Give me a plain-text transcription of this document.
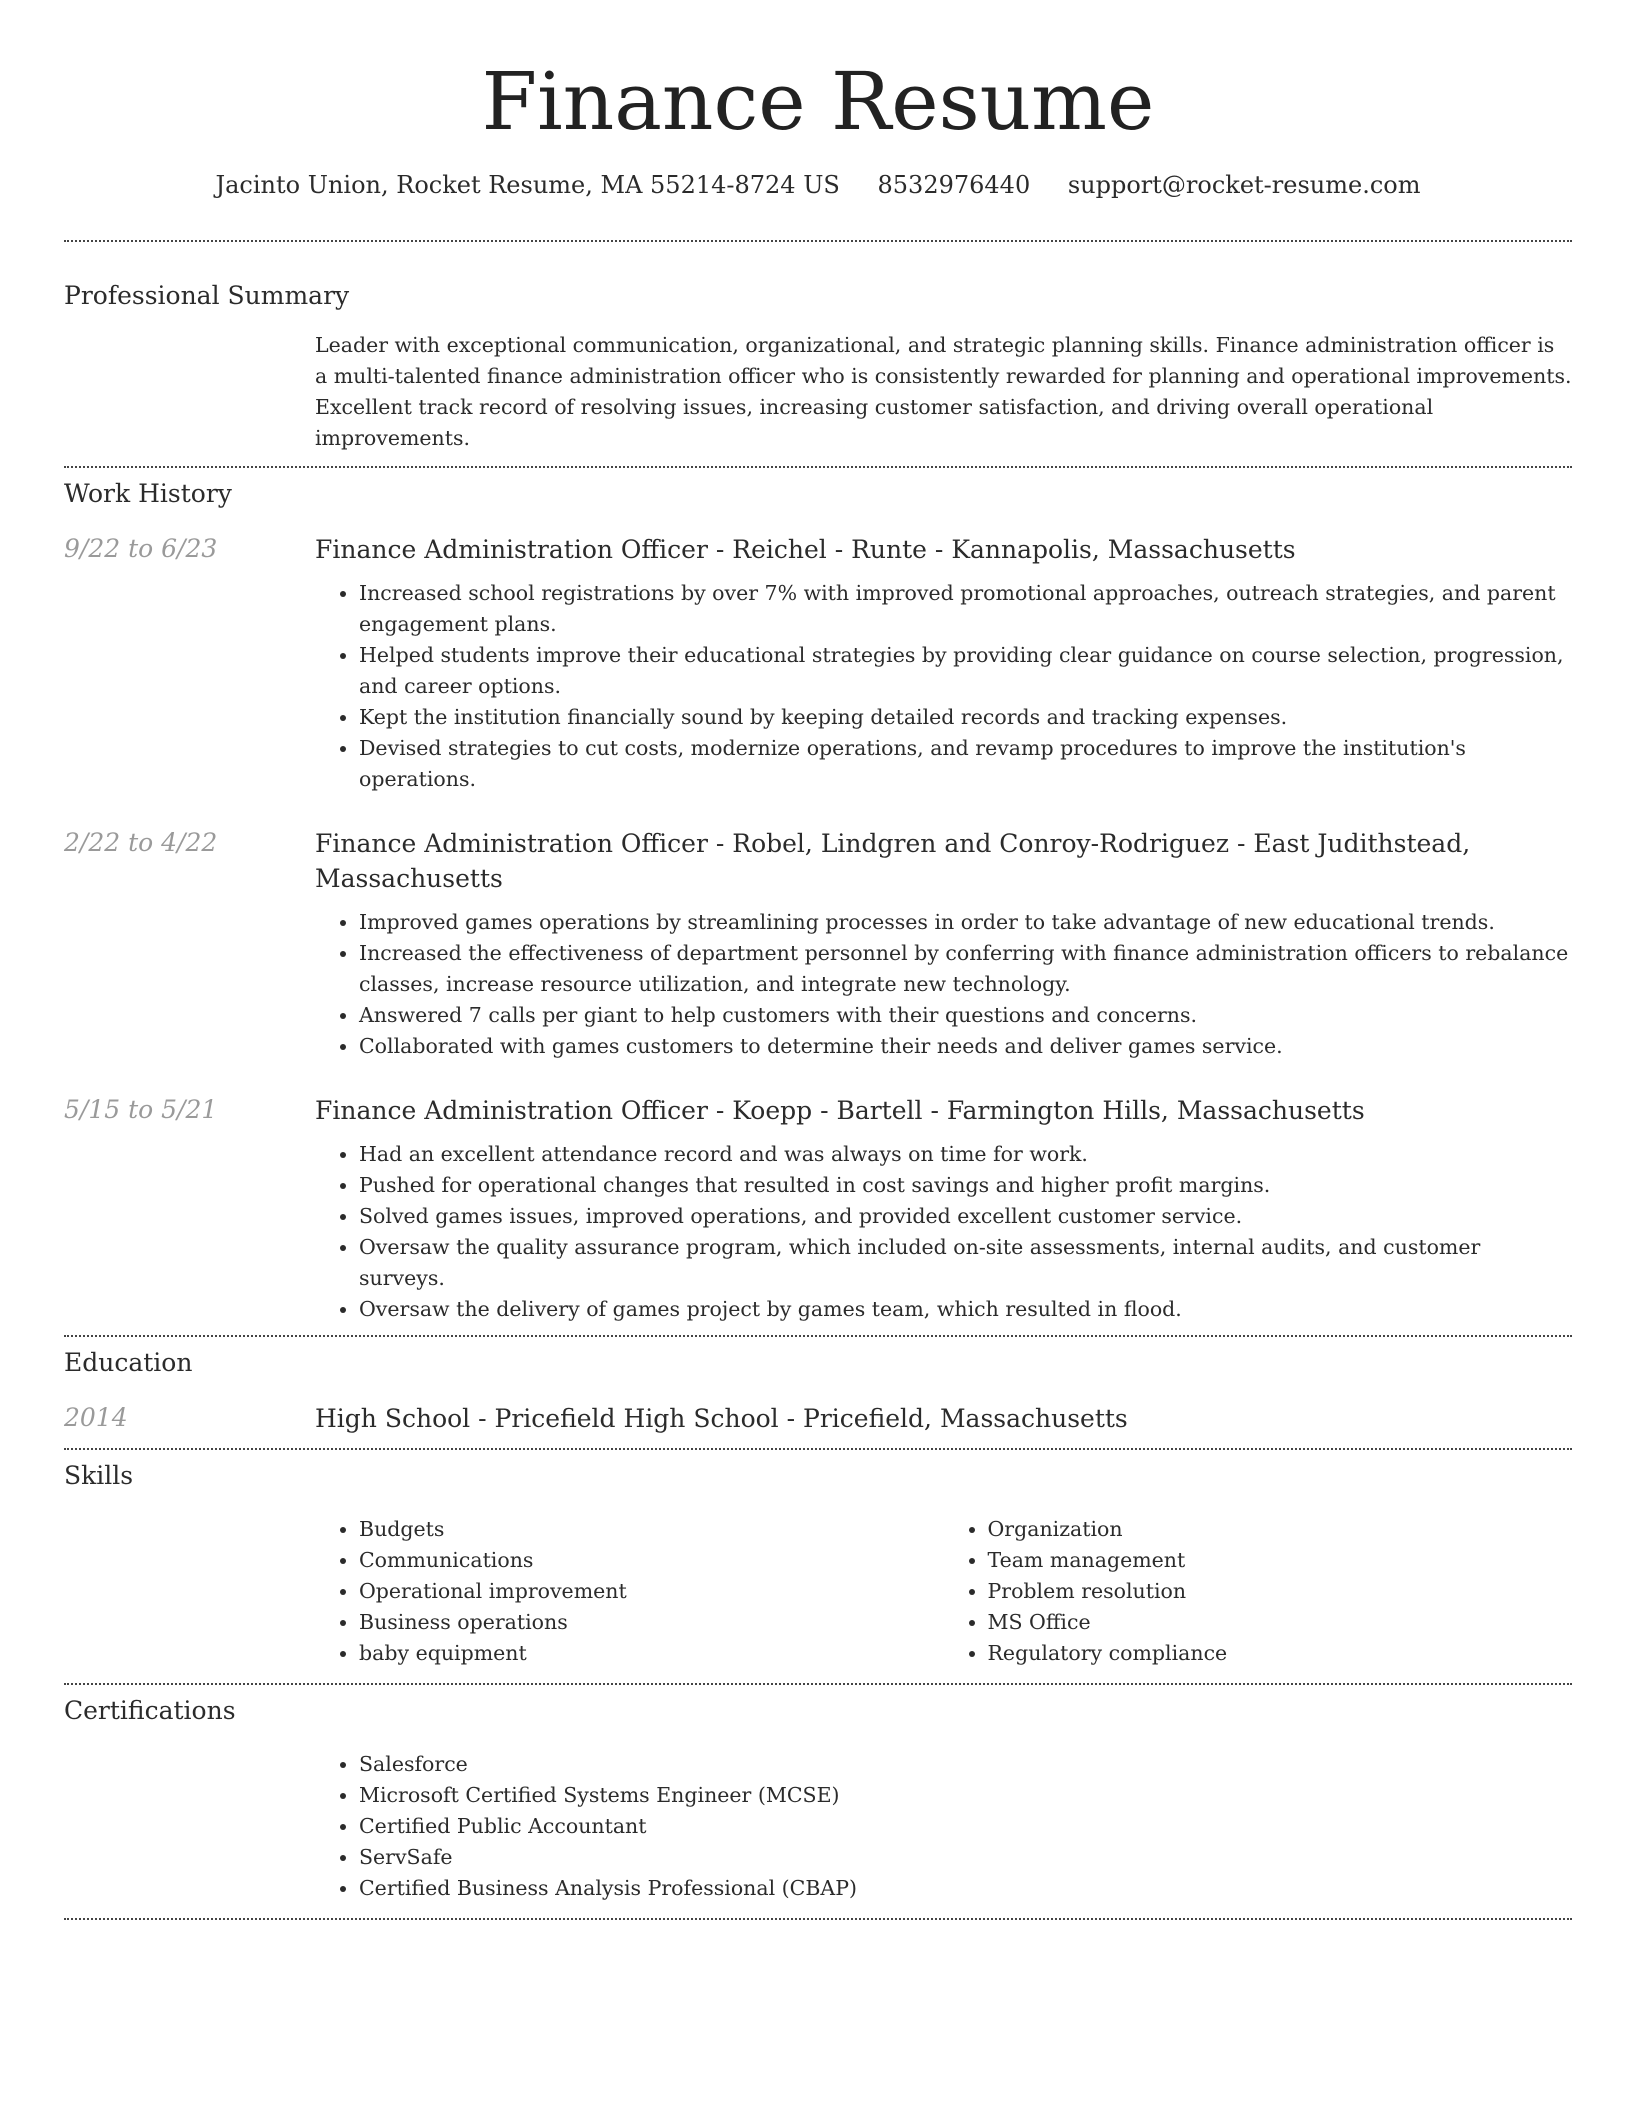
Finance Resume
Jacinto Union, Rocket Resume, MA 55214-8724 US 8532976440 support@rocket-resume.com
Professional Summary

Leader with exceptional communication, organizational, and strategic planning skills. Finance administration officer is a multi-talented finance administration officer who is consistently rewarded for planning and operational improvements. Excellent track record of resolving issues, increasing customer satisfaction, and driving overall operational improvements.

Work History
9/22 to 6/23	Finance Administration Officer - Reichel - Runte - Kannapolis, Massachusetts
• Increased school registrations by over 7% with improved promotional approaches, outreach strategies, and parent engagement plans.
• Helped students improve their educational strategies by providing clear guidance on course selection, progression, and career options.
• Kept the institution financially sound by keeping detailed records and tracking expenses.
• Devised strategies to cut costs, modernize operations, and revamp procedures to improve the institution's operations.
2/22 to 4/22	Finance Administration Officer - Robel, Lindgren and Conroy-Rodriguez - East Judithstead, Massachusetts
• Improved games operations by streamlining processes in order to take advantage of new educational trends.
• Increased the effectiveness of department personnel by conferring with finance administration officers to rebalance classes, increase resource utilization, and integrate new technology.
• Answered 7 calls per giant to help customers with their questions and concerns.
• Collaborated with games customers to determine their needs and deliver games service.
5/15 to 5/21	Finance Administration Officer - Koepp - Bartell - Farmington Hills, Massachusetts
• Had an excellent attendance record and was always on time for work.
• Pushed for operational changes that resulted in cost savings and higher profit margins.
• Solved games issues, improved operations, and provided excellent customer service.
• Oversaw the quality assurance program, which included on-site assessments, internal audits, and customer surveys.
• Oversaw the delivery of games project by games team, which resulted in flood.
Education
2014	High School - Pricefield High School - Pricefield, Massachusetts
Skills
• Budgets
• Communications
• Operational improvement
• Business operations
• baby equipment
• Organization
• Team management
• Problem resolution
• MS Office
• Regulatory compliance
Certifications
• Salesforce
• Microsoft Certified Systems Engineer (MCSE)
• Certified Public Accountant
• ServSafe
• Certified Business Analysis Professional (CBAP)
